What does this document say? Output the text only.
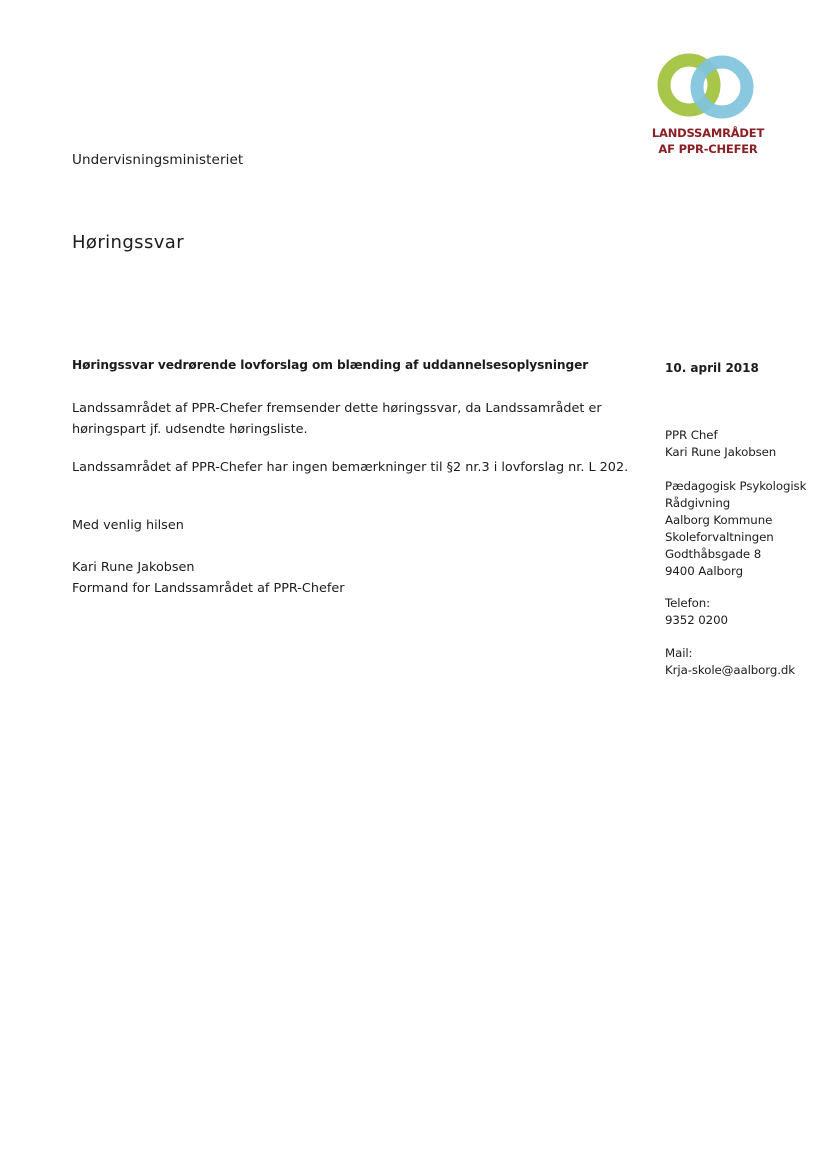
LANDSSAMRÅDET
AF PPR-CHEFER
Undervisningsministeriet
Høringssvar
Høringssvar vedrørende lovforslag om blænding af uddannelsesoplysninger
Landssamrådet af PPR-Chefer fremsender dette høringssvar, da Landssamrådet er høringspart jf. udsendte høringsliste.
Landssamrådet af PPR-Chefer har ingen bemærkninger til §2 nr.3 i lovforslag nr. L 202.
Med venlig hilsen
Kari Rune Jakobsen
Formand for Landssamrådet af PPR-Chefer
10. april 2018
PPR Chef
Kari Rune Jakobsen
Pædagogisk Psykologisk
Rådgivning
Aalborg Kommune
Skoleforvaltningen
Godthåbsgade 8
9400 Aalborg
Telefon:
9352 0200
Mail:
Krja-skole@aalborg.dk
